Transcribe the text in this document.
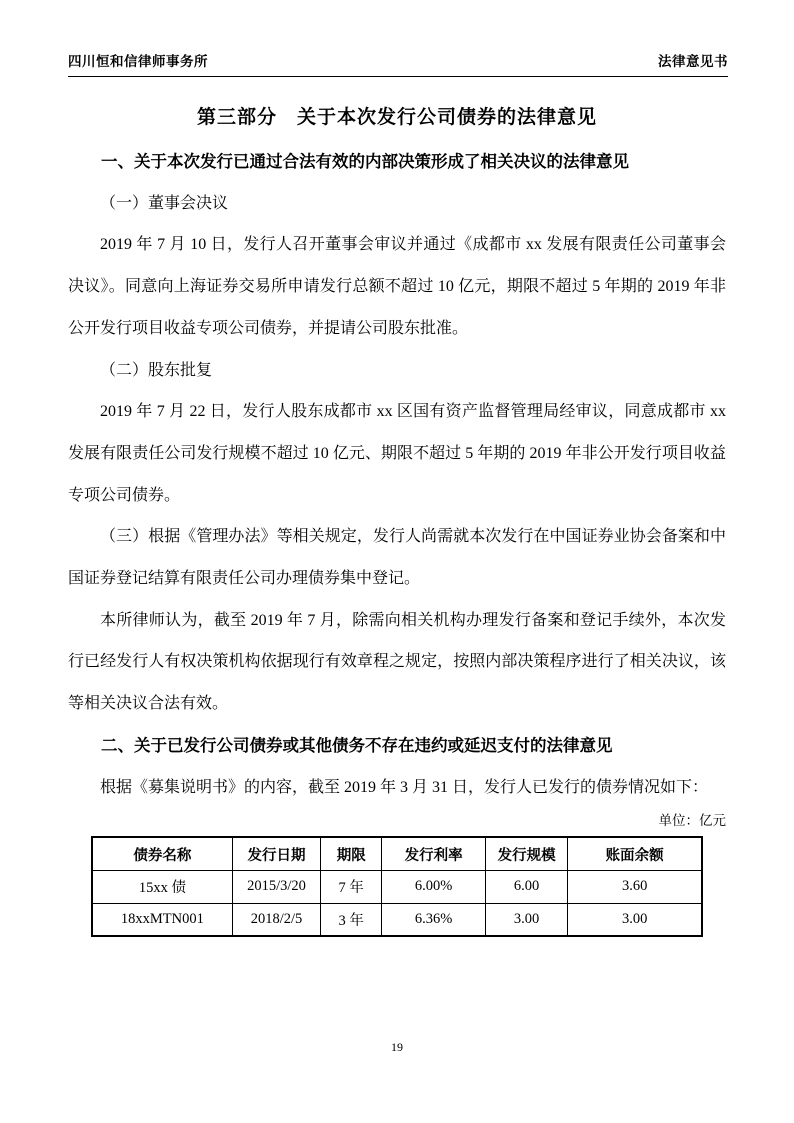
四川恒和信律师事务所	法律意见书
第三部分　关于本次发行公司债券的法律意见

一、关于本次发行已通过合法有效的内部决策形成了相关决议的法律意见

（一）董事会决议

2019 年 7 月 10 日，发行人召开董事会审议并通过《成都市 xx 发展有限责任公司董事会决议》。同意向上海证券交易所申请发行总额不超过 10 亿元，期限不超过 5 年期的 2019 年非公开发行项目收益专项公司债券，并提请公司股东批准。

（二）股东批复

2019 年 7 月 22 日，发行人股东成都市 xx 区国有资产监督管理局经审议，同意成都市 xx 发展有限责任公司发行规模不超过 10 亿元、期限不超过 5 年期的 2019 年非公开发行项目收益专项公司债券。

（三）根据《管理办法》等相关规定，发行人尚需就本次发行在中国证券业协会备案和中国证券登记结算有限责任公司办理债券集中登记。

本所律师认为，截至 2019 年 7 月，除需向相关机构办理发行备案和登记手续外，本次发行已经发行人有权决策机构依据现行有效章程之规定，按照内部决策程序进行了相关决议，该等相关决议合法有效。

二、关于已发行公司债券或其他债务不存在违约或延迟支付的法律意见

根据《募集说明书》的内容，截至 2019 年 3 月 31 日，发行人已发行的债券情况如下：

单位：亿元

债券名称	发行日期	期限	发行利率	发行规模	账面余额
15xx 债	2015/3/20	7 年	6.00%	6.00	3.60
18xxMTN001	2018/2/5	3 年	6.36%	3.00	3.00
19
